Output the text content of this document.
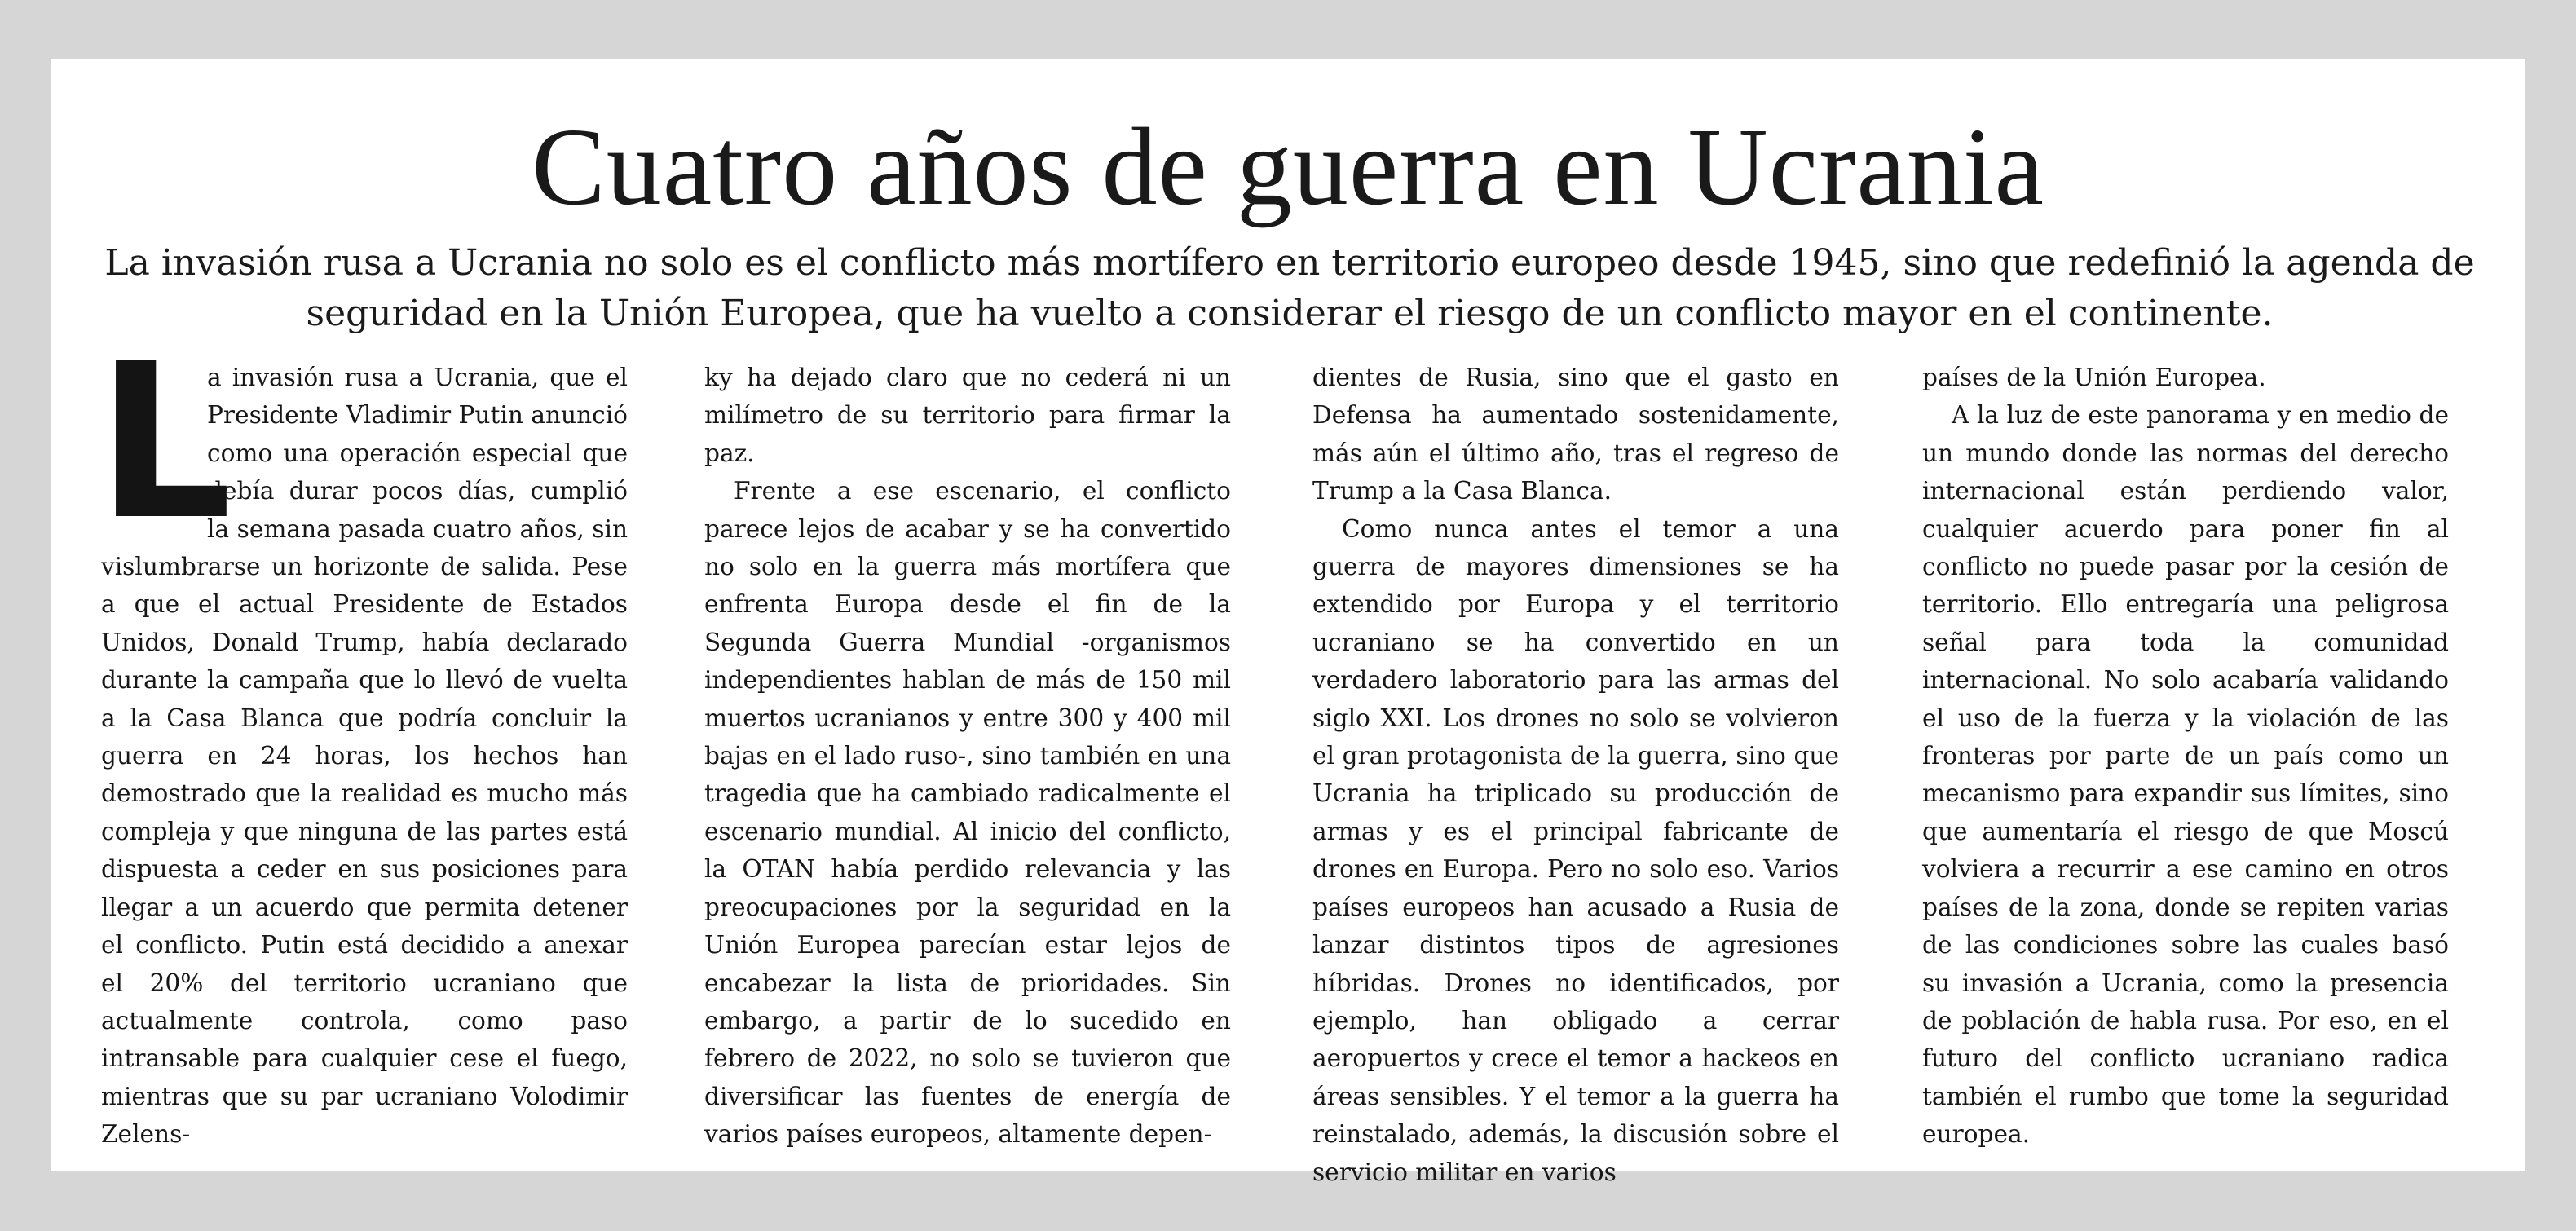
Cuatro años de guerra en Ucrania

La invasión rusa a Ucrania no solo es el conflicto más mortífero en territorio europeo desde 1945, sino que redefinió la agenda de seguridad en la Unión Europea, que ha vuelto a considerar el riesgo de un conflicto mayor en el continente.

L
a invasión rusa a Ucrania, que el Presidente Vladimir Putin anunció como una operación especial que debía durar pocos días, cumplió la semana pasada cuatro años, sin vislumbrarse un horizonte de salida. Pese a que el actual Presidente de Estados Unidos, Donald Trump, había declarado durante la campaña que lo llevó de vuelta a la Casa Blanca que podría concluir la guerra en 24 horas, los hechos han demostrado que la realidad es mucho más compleja y que ninguna de las partes está dispuesta a ceder en sus posiciones para llegar a un acuerdo que permita detener el conflicto. Putin está decidido a anexar el 20% del territorio ucraniano que actualmente controla, como paso intransable para cualquier cese el fuego, mientras que su par ucraniano Volodimir Zelens-
ky ha dejado claro que no cederá ni un milímetro de su territorio para firmar la paz.
Frente a ese escenario, el conflicto parece lejos de acabar y se ha convertido no solo en la guerra más mortífera que enfrenta Europa desde el fin de la Segunda Guerra Mundial -organismos independientes hablan de más de 150 mil muertos ucranianos y entre 300 y 400 mil bajas en el lado ruso-, sino también en una tragedia que ha cambiado radicalmente el escenario mundial. Al inicio del conflicto, la OTAN había perdido relevancia y las preocupaciones por la seguridad en la Unión Europea parecían estar lejos de encabezar la lista de prioridades. Sin embargo, a partir de lo sucedido en febrero de 2022, no solo se tuvieron que diversificar las fuentes de energía de varios países europeos, altamente depen-
dientes de Rusia, sino que el gasto en Defensa ha aumentado sostenidamente, más aún el último año, tras el regreso de Trump a la Casa Blanca.
Como nunca antes el temor a una guerra de mayores dimensiones se ha extendido por Europa y el territorio ucraniano se ha convertido en un verdadero laboratorio para las armas del siglo XXI. Los drones no solo se volvieron el gran protagonista de la guerra, sino que Ucrania ha triplicado su producción de armas y es el principal fabricante de drones en Europa. Pero no solo eso. Varios países europeos han acusado a Rusia de lanzar distintos tipos de agresiones híbridas. Drones no identificados, por ejemplo, han obligado a cerrar aeropuertos y crece el temor a hackeos en áreas sensibles. Y el temor a la guerra ha reinstalado, además, la discusión sobre el servicio militar en varios
países de la Unión Europea.
A la luz de este panorama y en medio de un mundo donde las normas del derecho internacional están perdiendo valor, cualquier acuerdo para poner fin al conflicto no puede pasar por la cesión de territorio. Ello entregaría una peligrosa señal para toda la comunidad internacional. No solo acabaría validando el uso de la fuerza y la violación de las fronteras por parte de un país como un mecanismo para expandir sus límites, sino que aumentaría el riesgo de que Moscú volviera a recurrir a ese camino en otros países de la zona, donde se repiten varias de las condiciones sobre las cuales basó su invasión a Ucrania, como la presencia de población de habla rusa. Por eso, en el futuro del conflicto ucraniano radica también el rumbo que tome la seguridad europea.
